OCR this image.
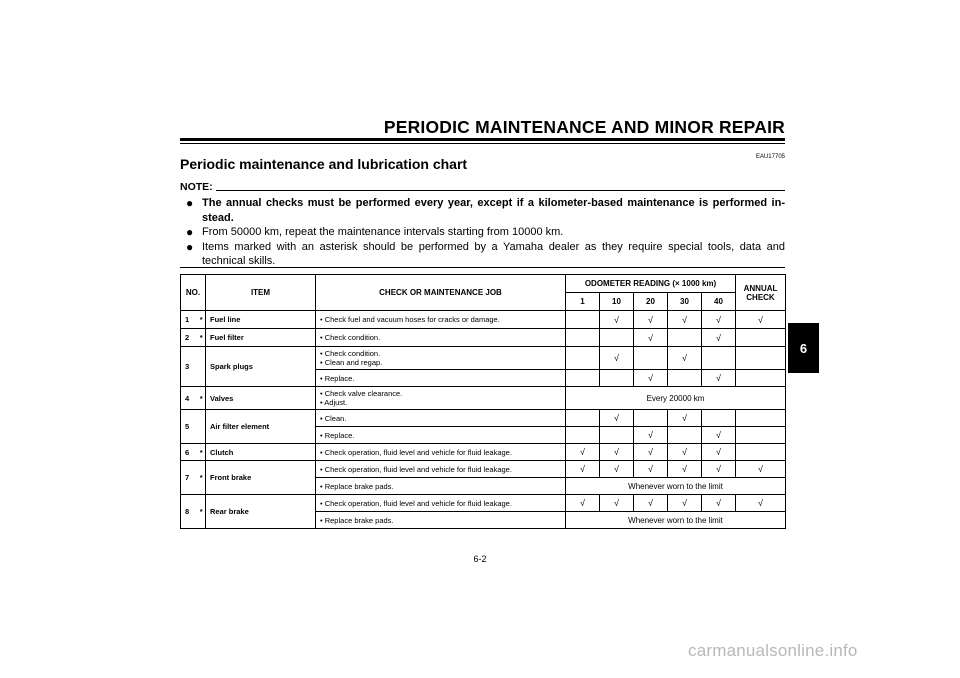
PERIODIC MAINTENANCE AND MINOR REPAIR
EAU17705
Periodic maintenance and lubrication chart
NOTE:
● The annual checks must be performed every year, except if a kilometer-based maintenance is performed in-stead.
● From 50000 km, repeat the maintenance intervals starting from 10000 km.
● Items marked with an asterisk should be performed by a Yamaha dealer as they require special tools, data and technical skills.
NO.		ITEM	CHECK OR MAINTENANCE JOB	ODOMETER READING (× 1000 km)					ANNUAL CHECK
				1	10	20	30	40	
1	*	Fuel line	• Check fuel and vacuum hoses for cracks or damage.		√	√	√	√	√
2	*	Fuel filter	• Check condition.			√		√	
3		Spark plugs	• Check condition.
• Clean and regap.		√		√		

			• Replace.			√		√	
4	*	Valves	• Check valve clearance.
• Adjust.	Every 20000 km					
5		Air filter element	• Clean.		√		√		

			• Replace.			√		√	
6	*	Clutch	• Check operation, fluid level and vehicle for fluid leakage.	√	√	√	√	√	
7	*	Front brake	• Check operation, fluid level and vehicle for fluid leakage.	√	√	√	√	√	√

			• Replace brake pads.	Whenever worn to the limit					
8	*	Rear brake	• Check operation, fluid level and vehicle for fluid leakage.	√	√	√	√	√	√

			• Replace brake pads.	Whenever worn to the limit					
6
6-2
carmanualsonline.info
